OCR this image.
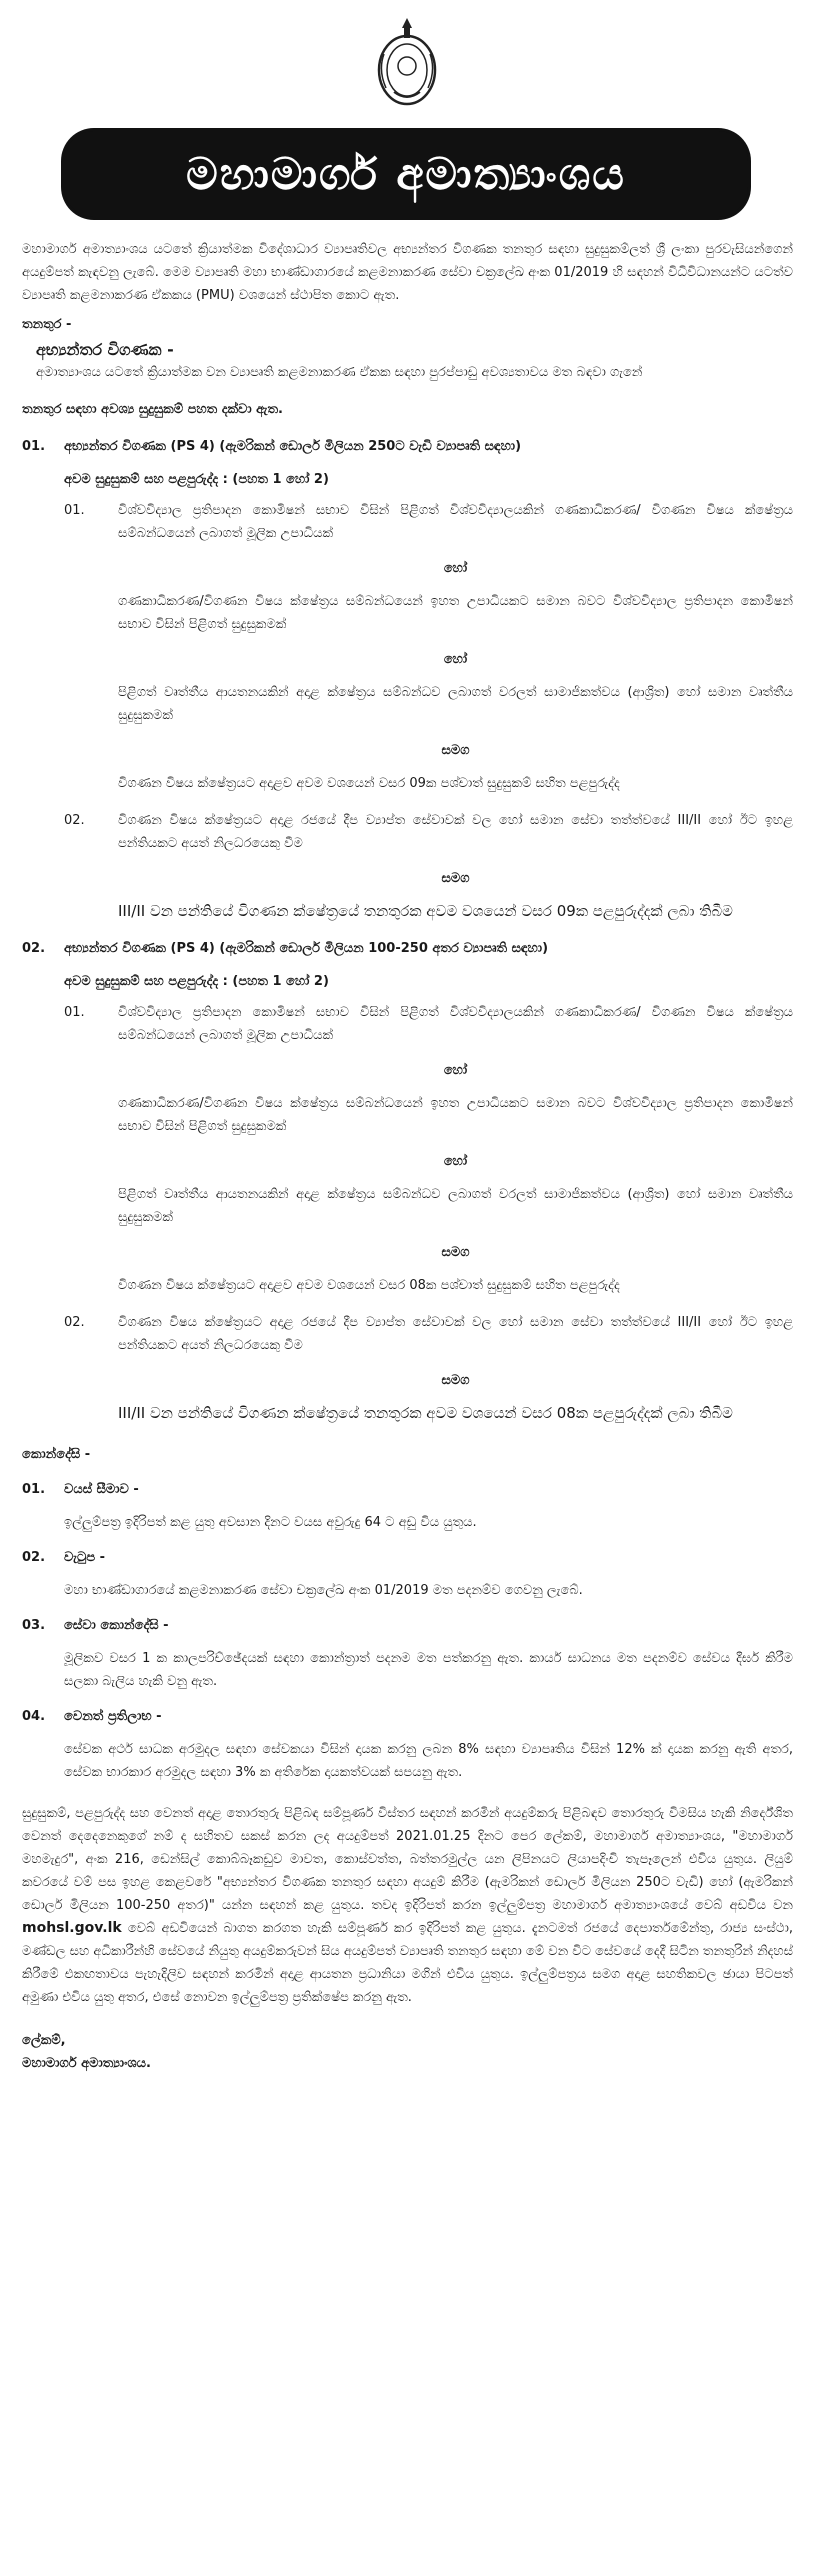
මහාමාර්ග අමාත්‍යාංශය

මහාමාර්ග අමාත්‍යාංශය යටතේ ක්‍රියාත්මක විදේශාධාර ව්‍යාපෘතිවල අභ්‍යන්තර විගණක තනතුර සඳහා සුදුසුකම්ලත් ශ්‍රී ලංකා පුරවැසියන්ගෙන් අයදුම්පත් කැඳවනු ලැබේ. මෙම ව්‍යාපෘති මහා භාණ්ඩාගාරයේ කළමනාකරණ සේවා චක්‍රලේඛ අංක 01/2019 හි සඳහන් විධිවිධානයන්ට යටත්ව ව්‍යාපෘති කළමනාකරණ ඒකකය (PMU) වශයෙන් ස්ථාපිත කොට ඇත.

තනතුර -

අභ්‍යන්තර විගණක -

අමාත්‍යාංශය යටතේ ක්‍රියාත්මක වන ව්‍යාපෘති කළමනාකරණ ඒකක සඳහා පුරප්පාඩු අවශ්‍යතාවය මත බඳවා ගැනේ

තනතුර සඳහා අවශ්‍ය සුදුසුකම් පහත දක්වා ඇත.

01.	අභ්‍යන්තර විගණක (PS 4) (ඇමරිකන් ඩොලර් මිලියන 250ට වැඩි ව්‍යාපෘති සඳහා)

අවම සුදුසුකම් සහ පළපුරුද්ද : (පහත 1 හෝ 2)

01.	විශ්වවිද්‍යාල ප්‍රතිපාදන කොමිෂන් සභාව විසින් පිළිගත් විශ්වවිද්‍යාලයකින් ගණකාධිකරණ/ විගණන විෂය ක්ෂේත්‍රය සම්බන්ධයෙන් ලබාගත් මූලික උපාධියක්

හෝ

ගණකාධිකරණ/විගණන විෂය ක්ෂේත්‍රය සම්බන්ධයෙන් ඉහත උපාධියකට සමාන බවට විශ්වවිද්‍යාල ප්‍රතිපාදන කොමිෂන් සභාව විසින් පිළිගත් සුදුසුකමක්

හෝ

පිළිගත් වෘත්තීය ආයතනයකින් අදාළ ක්ෂේත්‍රය සම්බන්ධව ලබාගත් වරලත් සාමාජිකත්වය (ආශ්‍රිත) හෝ සමාන වෘත්තීය සුදුසුකමක්

සමග

විගණන විෂය ක්ෂේත්‍රයට අදාළව අවම වශයෙන් වසර 09ක පශ්චාත් සුදුසුකම් සහිත පළපුරුද්ද

02.	විගණන විෂය ක්ෂේත්‍රයට අදාළ රජයේ දීප ව්‍යාප්ත සේවාවක් වල හෝ සමාන සේවා තත්ත්වයේ III/II හෝ ඊට ඉහළ පන්තියකට අයත් නිලධරයෙකු වීම

සමග

III/II වන පන්තියේ විගණන ක්ෂේත්‍රයේ තනතුරක අවම වශයෙන් වසර 09ක පළපුරුද්දක් ලබා තිබීම

02.	අභ්‍යන්තර විගණක (PS 4) (ඇමරිකන් ඩොලර් මිලියන 100-250 අතර ව්‍යාපෘති සඳහා)

අවම සුදුසුකම් සහ පළපුරුද්ද : (පහත 1 හෝ 2)

01.	විශ්වවිද්‍යාල ප්‍රතිපාදන කොමිෂන් සභාව විසින් පිළිගත් විශ්වවිද්‍යාලයකින් ගණකාධිකරණ/ විගණන විෂය ක්ෂේත්‍රය සම්බන්ධයෙන් ලබාගත් මූලික උපාධියක්

හෝ

ගණකාධිකරණ/විගණන විෂය ක්ෂේත්‍රය සම්බන්ධයෙන් ඉහත උපාධියකට සමාන බවට විශ්වවිද්‍යාල ප්‍රතිපාදන කොමිෂන් සභාව විසින් පිළිගත් සුදුසුකමක්

හෝ

පිළිගත් වෘත්තීය ආයතනයකින් අදාළ ක්ෂේත්‍රය සම්බන්ධව ලබාගත් වරලත් සාමාජිකත්වය (ආශ්‍රිත) හෝ සමාන වෘත්තීය සුදුසුකමක්

සමග

විගණන විෂය ක්ෂේත්‍රයට අදාළව අවම වශයෙන් වසර 08ක පශ්චාත් සුදුසුකම් සහිත පළපුරුද්ද

02.	විගණන විෂය ක්ෂේත්‍රයට අදාළ රජයේ දීප ව්‍යාප්ත සේවාවක් වල හෝ සමාන සේවා තත්ත්වයේ III/II හෝ ඊට ඉහළ පන්තියකට අයත් නිලධරයෙකු වීම

සමග

III/II වන පන්තියේ විගණන ක්ෂේත්‍රයේ තනතුරක අවම වශයෙන් වසර 08ක පළපුරුද්දක් ලබා තිබීම

කොන්දේසි -

01.	වයස් සීමාව -

ඉල්ලුම්පත්‍ර ඉදිරිපත් කළ යුතු අවසාන දිනට වයස අවුරුදු 64 ට අඩු විය යුතුය.

02.	වැටුප -

මහා භාණ්ඩාගාරයේ කළමනාකරණ සේවා චක්‍රලේඛ අංක 01/2019 මත පදනම්ව ගෙවනු ලැබේ.

03.	සේවා කොන්දේසි -

මූලිකව වසර 1 ක කාලපරිච්ඡේදයක් සඳහා කොන්ත්‍රාත් පදනම මත පත්කරනු ඇත. කාර්ය සාධනය මත පදනම්ව සේවය දීර්ඝ කිරීම සලකා බැලිය හැකි වනු ඇත.

04.	වෙනත් ප්‍රතිලාභ -

සේවක අර්ථ සාධක අරමුදල සඳහා සේවකයා විසින් දායක කරනු ලබන 8% සඳහා ව්‍යාපෘතිය විසින් 12% ක් දායක කරනු ඇති අතර, සේවක භාරකාර අරමුදල සඳහා 3% ක අතිරේක දායකත්වයක් සපයනු ඇත.

සුදුසුකම්, පළපුරුද්ද සහ වෙනත් අදාළ තොරතුරු පිළිබඳ සම්පූර්ණ විස්තර සඳහන් කරමින් අයදුම්කරු පිළිබඳව තොරතුරු විමසිය හැකි නිර්දේශිත වෙනත් දෙදෙනෙකුගේ නම් ද සහිතව සකස් කරන ලද අයදුම්පත් 2021.01.25 දිනට පෙර ලේකම්, මහාමාර්ග අමාත්‍යාංශය, "මහාමාර්ග මහමැදුර", අංක 216, ඩෙන්සිල් කොබ්බෑකඩුව මාවත, කොස්වත්ත, බත්තරමුල්ල යන ලිපිනයට ලියාපදිංචි තැපෑලෙන් එවිය යුතුය. ලියුම් කවරයේ වම් පස ඉහළ කෙළවරේ "අභ්‍යන්තර විගණක තනතුර සඳහා අයදුම් කිරීම (ඇමරිකන් ඩොලර් මිලියන 250ට වැඩි) හෝ (ඇමරිකන් ඩොලර් මිලියන 100-250 අතර)" යන්න සඳහන් කළ යුතුය. තවද ඉදිරිපත් කරන ඉල්ලුම්පත්‍ර මහාමාර්ග අමාත්‍යාංශයේ වෙබ් අඩවිය වන mohsl.gov.lk වෙබ් අඩවියෙන් බාගත කරගත හැකි සම්පූර්ණ කර ඉදිරිපත් කළ යුතුය. දැනටමත් රජයේ දෙපාර්තමේන්තු, රාජ්‍ය සංස්ථා, මණ්ඩල සහ අධිකාරීන්හි සේවයේ නියුතු අයදුම්කරුවන් සිය අයදුම්පත් ව්‍යාපෘති තනතුර සඳහා මේ වන විට සේවයේ දෙදී සිටින තනතුරින් නිදහස් කිරීමේ එකඟතාවය පැහැදිලිව සඳහන් කරමින් අදාළ ආයතන ප්‍රධානියා මගින් එවිය යුතුය. ඉල්ලුම්පත්‍රය සමග අදාළ සහතිකවල ඡායා පිටපත් අමුණා එවිය යුතු අතර, එසේ නොවන ඉල්ලුම්පත්‍ර ප්‍රතික්ෂේප කරනු ඇත.

ලේකම්,

මහාමාර්ග අමාත්‍යාංශය.
